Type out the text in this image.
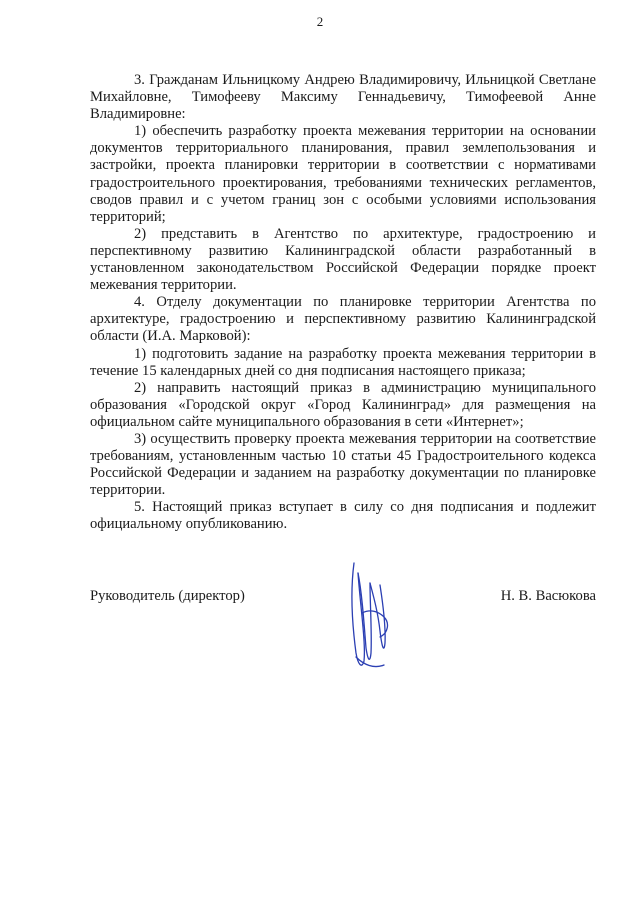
2

3. Гражданам Ильницкому Андрею Владимировичу, Ильницкой Светлане Михайловне, Тимофееву Максиму Геннадьевичу, Тимофеевой Анне Владимировне:

1) обеспечить разработку проекта межевания территории на основании документов территориального планирования, правил землепользования и застройки, проекта планировки территории в соответствии с нормативами градостроительного проектирования, требованиями технических регламентов, сводов правил и с учетом границ зон с особыми условиями использования территорий;

2) представить в Агентство по архитектуре, градостроению и перспективному развитию Калининградской области разработанный в установленном законодательством Российской Федерации порядке проект межевания территории.

4. Отделу документации по планировке территории Агентства по архитектуре, градостроению и перспективному развитию Калининградской области (И.А. Марковой):

1) подготовить задание на разработку проекта межевания территории в течение 15 календарных дней со дня подписания настоящего приказа;

2) направить настоящий приказ в администрацию муниципального образования «Городской округ «Город Калининград» для размещения на официальном сайте муниципального образования в сети «Интернет»;

3) осуществить проверку проекта межевания территории на соответствие требованиям, установленным частью 10 статьи 45 Градостроительного кодекса Российской Федерации и заданием на разработку документации по планировке территории.

5. Настоящий приказ вступает в силу со дня подписания и подлежит официальному опубликованию.

Руководитель (директор)	Н. В. Васюкова
